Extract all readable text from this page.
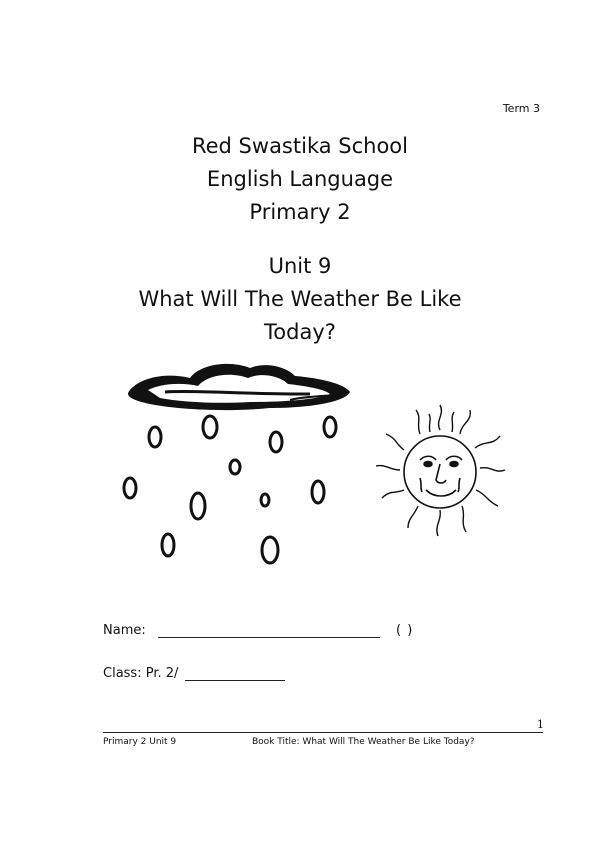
Term 3
Red Swastika School
English Language
Primary 2
Unit 9
What Will The Weather Be Like
Today?
Name:	( )
Class: Pr. 2/
1
Primary 2 Unit 9	Book Title: What Will The Weather Be Like Today?
